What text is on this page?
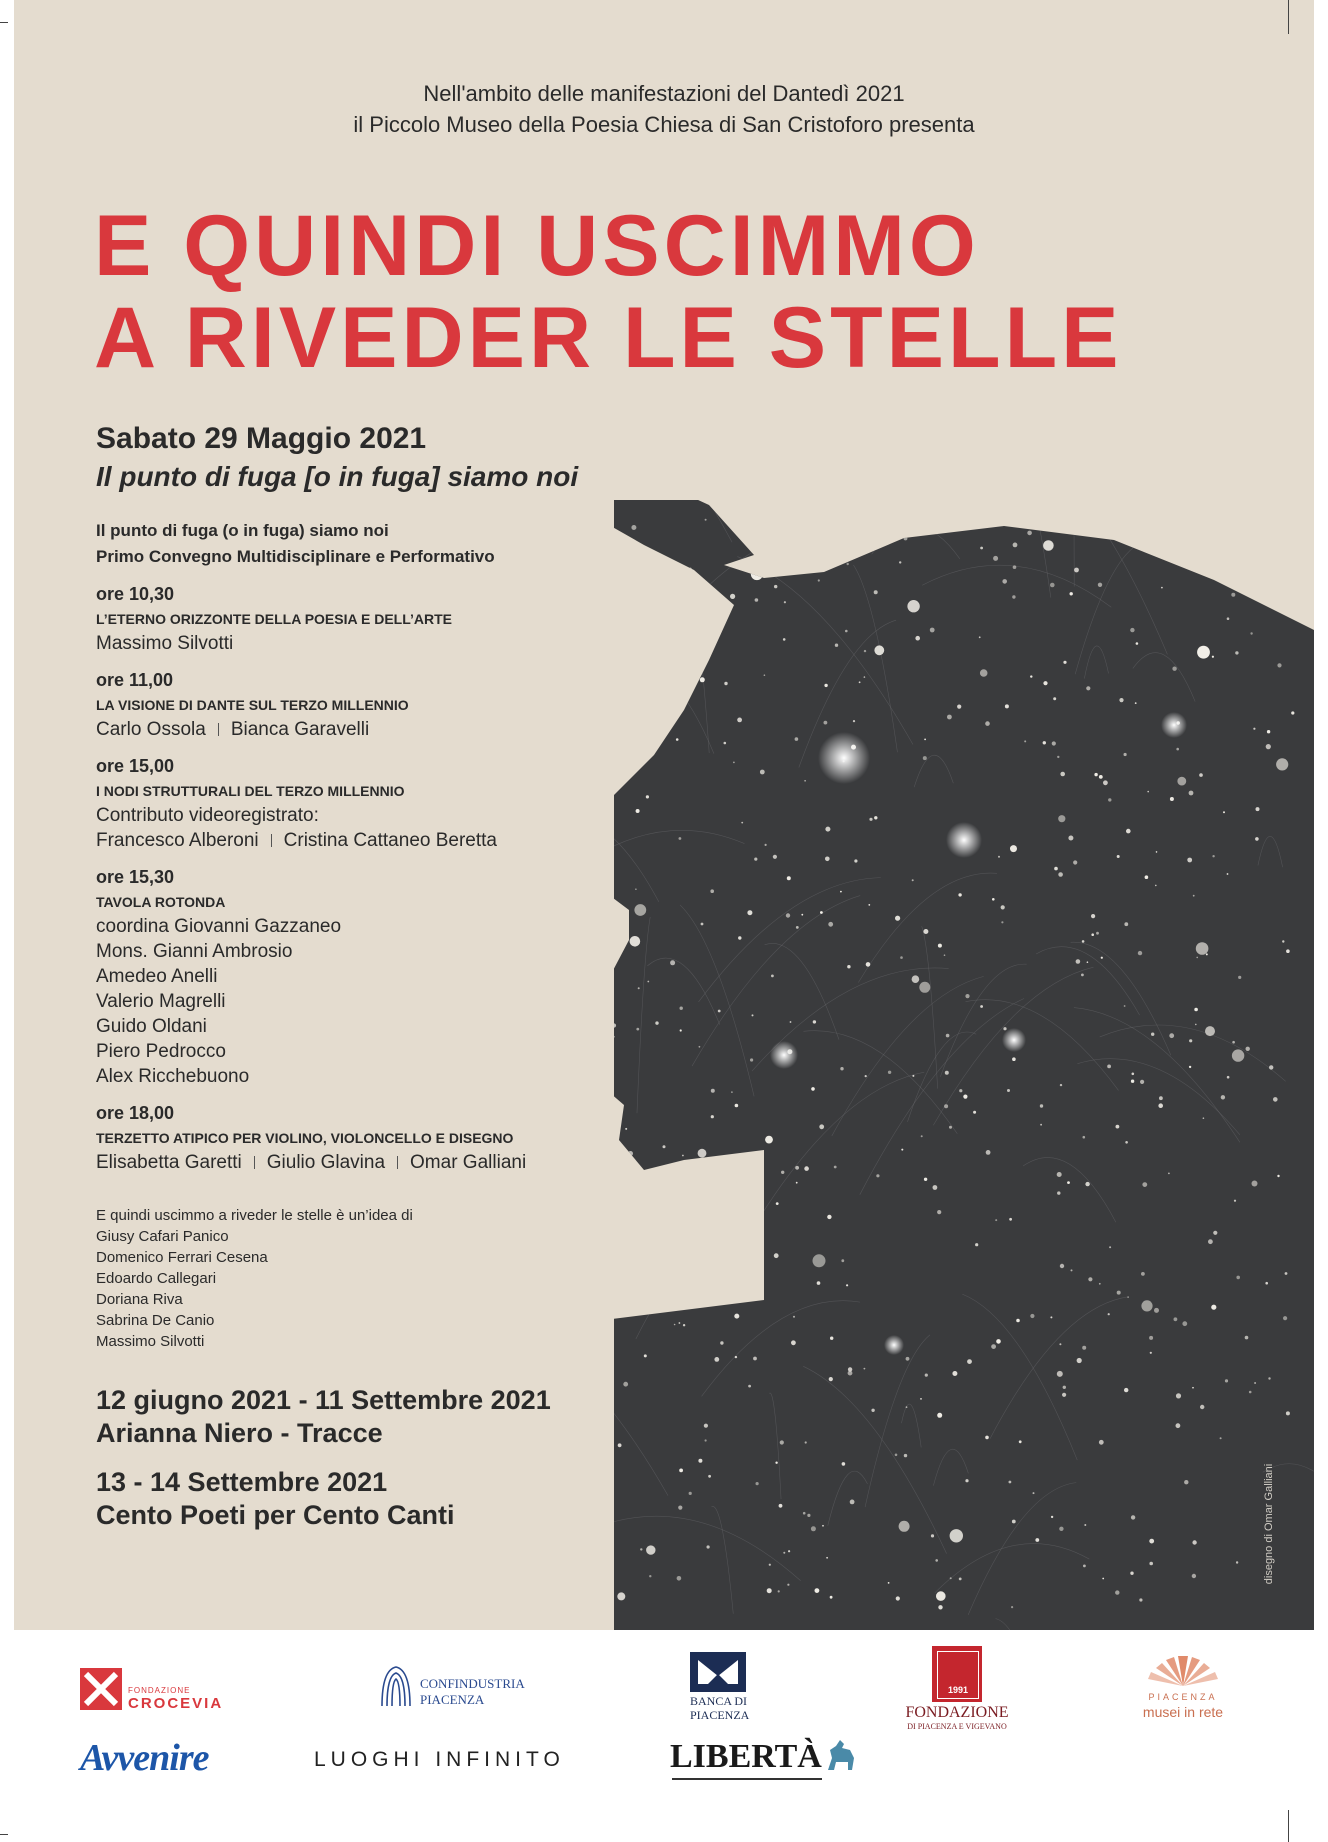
Nell'ambito delle manifestazioni del Dantedì 2021
il Piccolo Museo della Poesia Chiesa di San Cristoforo presenta
E QUINDI USCIMMO
A RIVEDER LE STELLE
Sabato 29 Maggio 2021
Il punto di fuga [o in fuga] siamo noi
Il punto di fuga (o in fuga) siamo noi
Primo Convegno Multidisciplinare e Performativo
ore 10,30
L’ETERNO ORIZZONTE DELLA POESIA E DELL’ARTE
Massimo Silvotti
ore 11,00
LA VISIONE DI DANTE SUL TERZO MILLENNIO
Carlo Ossola Bianca Garavelli
ore 15,00
I NODI STRUTTURALI DEL TERZO MILLENNIO
Contributo videoregistrato:
Francesco Alberoni Cristina Cattaneo Beretta
ore 15,30
TAVOLA ROTONDA
coordina Giovanni Gazzaneo
Mons. Gianni Ambrosio
Amedeo Anelli
Valerio Magrelli
Guido Oldani
Piero Pedrocco
Alex Ricchebuono
ore 18,00
TERZETTO ATIPICO PER VIOLINO, VIOLONCELLO E DISEGNO
Elisabetta Garetti Giulio Glavina Omar Galliani
E quindi uscimmo a riveder le stelle è un’idea di
Giusy Cafari Panico
Domenico Ferrari Cesena
Edoardo Callegari
Doriana Riva
Sabrina De Canio
Massimo Silvotti
12 giugno 2021 - 11 Settembre 2021
Arianna Niero - Tracce
13 - 14 Settembre 2021
Cento Poeti per Cento Canti	disegno di Omar Galliani
FONDAZIONE
CROCEVIA
CONFINDUSTRIA
PIACENZA	BANCA DI
PIACENZA
1991
FONDAZIONE
DI PIACENZA E VIGEVANO
PIACENZA
musei in rete
Avvenire	LUOGHI INFINITO	LIBERTÀ
